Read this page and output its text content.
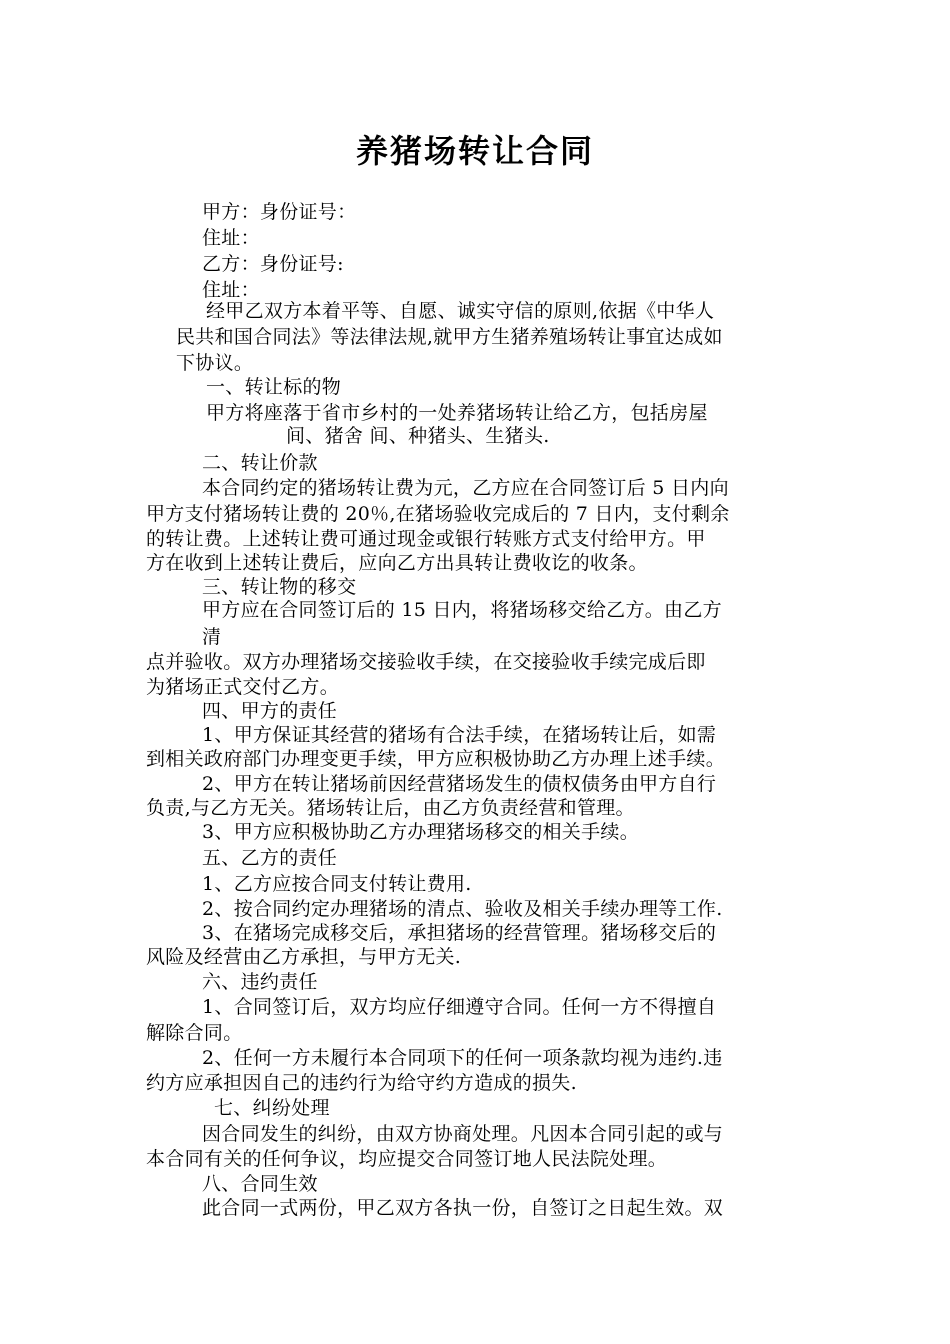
养猪场转让合同
甲方：身份证号：
住址：
乙方：身份证号:
住址：
经甲乙双方本着平等、自愿、诚实守信的原则,依据《中华人
民共和国合同法》等法律法规,就甲方生猪养殖场转让事宜达成如
下协议。
一、转让标的物
甲方将座落于省市乡村的一处养猪场转让给乙方，包括房屋
间、猪舍 间、种猪头、生猪头.
二、转让价款
本合同约定的猪场转让费为元，乙方应在合同签订后 5 日内向
甲方支付猪场转让费的 20％,在猪场验收完成后的 7 日内，支付剩余
的转让费。上述转让费可通过现金或银行转账方式支付给甲方。甲
方在收到上述转让费后，应向乙方出具转让费收讫的收条。
三、转让物的移交
甲方应在合同签订后的 15 日内，将猪场移交给乙方。由乙方
清
点并验收。双方办理猪场交接验收手续，在交接验收手续完成后即
为猪场正式交付乙方。
四、甲方的责任
1、甲方保证其经营的猪场有合法手续，在猪场转让后，如需
到相关政府部门办理变更手续，甲方应积极协助乙方办理上述手续。
2、甲方在转让猪场前因经营猪场发生的债权债务由甲方自行
负责,与乙方无关。猪场转让后，由乙方负责经营和管理。
3、甲方应积极协助乙方办理猪场移交的相关手续。
五、乙方的责任
1、乙方应按合同支付转让费用.
2、按合同约定办理猪场的清点、验收及相关手续办理等工作.
3、在猪场完成移交后，承担猪场的经营管理。猪场移交后的
风险及经营由乙方承担，与甲方无关.
六、违约责任
1、合同签订后，双方均应仔细遵守合同。任何一方不得擅自
解除合同。
2、任何一方未履行本合同项下的任何一项条款均视为违约.违
约方应承担因自己的违约行为给守约方造成的损失.
七、纠纷处理
因合同发生的纠纷，由双方协商处理。凡因本合同引起的或与
本合同有关的任何争议，均应提交合同签订地人民法院处理。
八、合同生效
此合同一式两份，甲乙双方各执一份，自签订之日起生效。双
